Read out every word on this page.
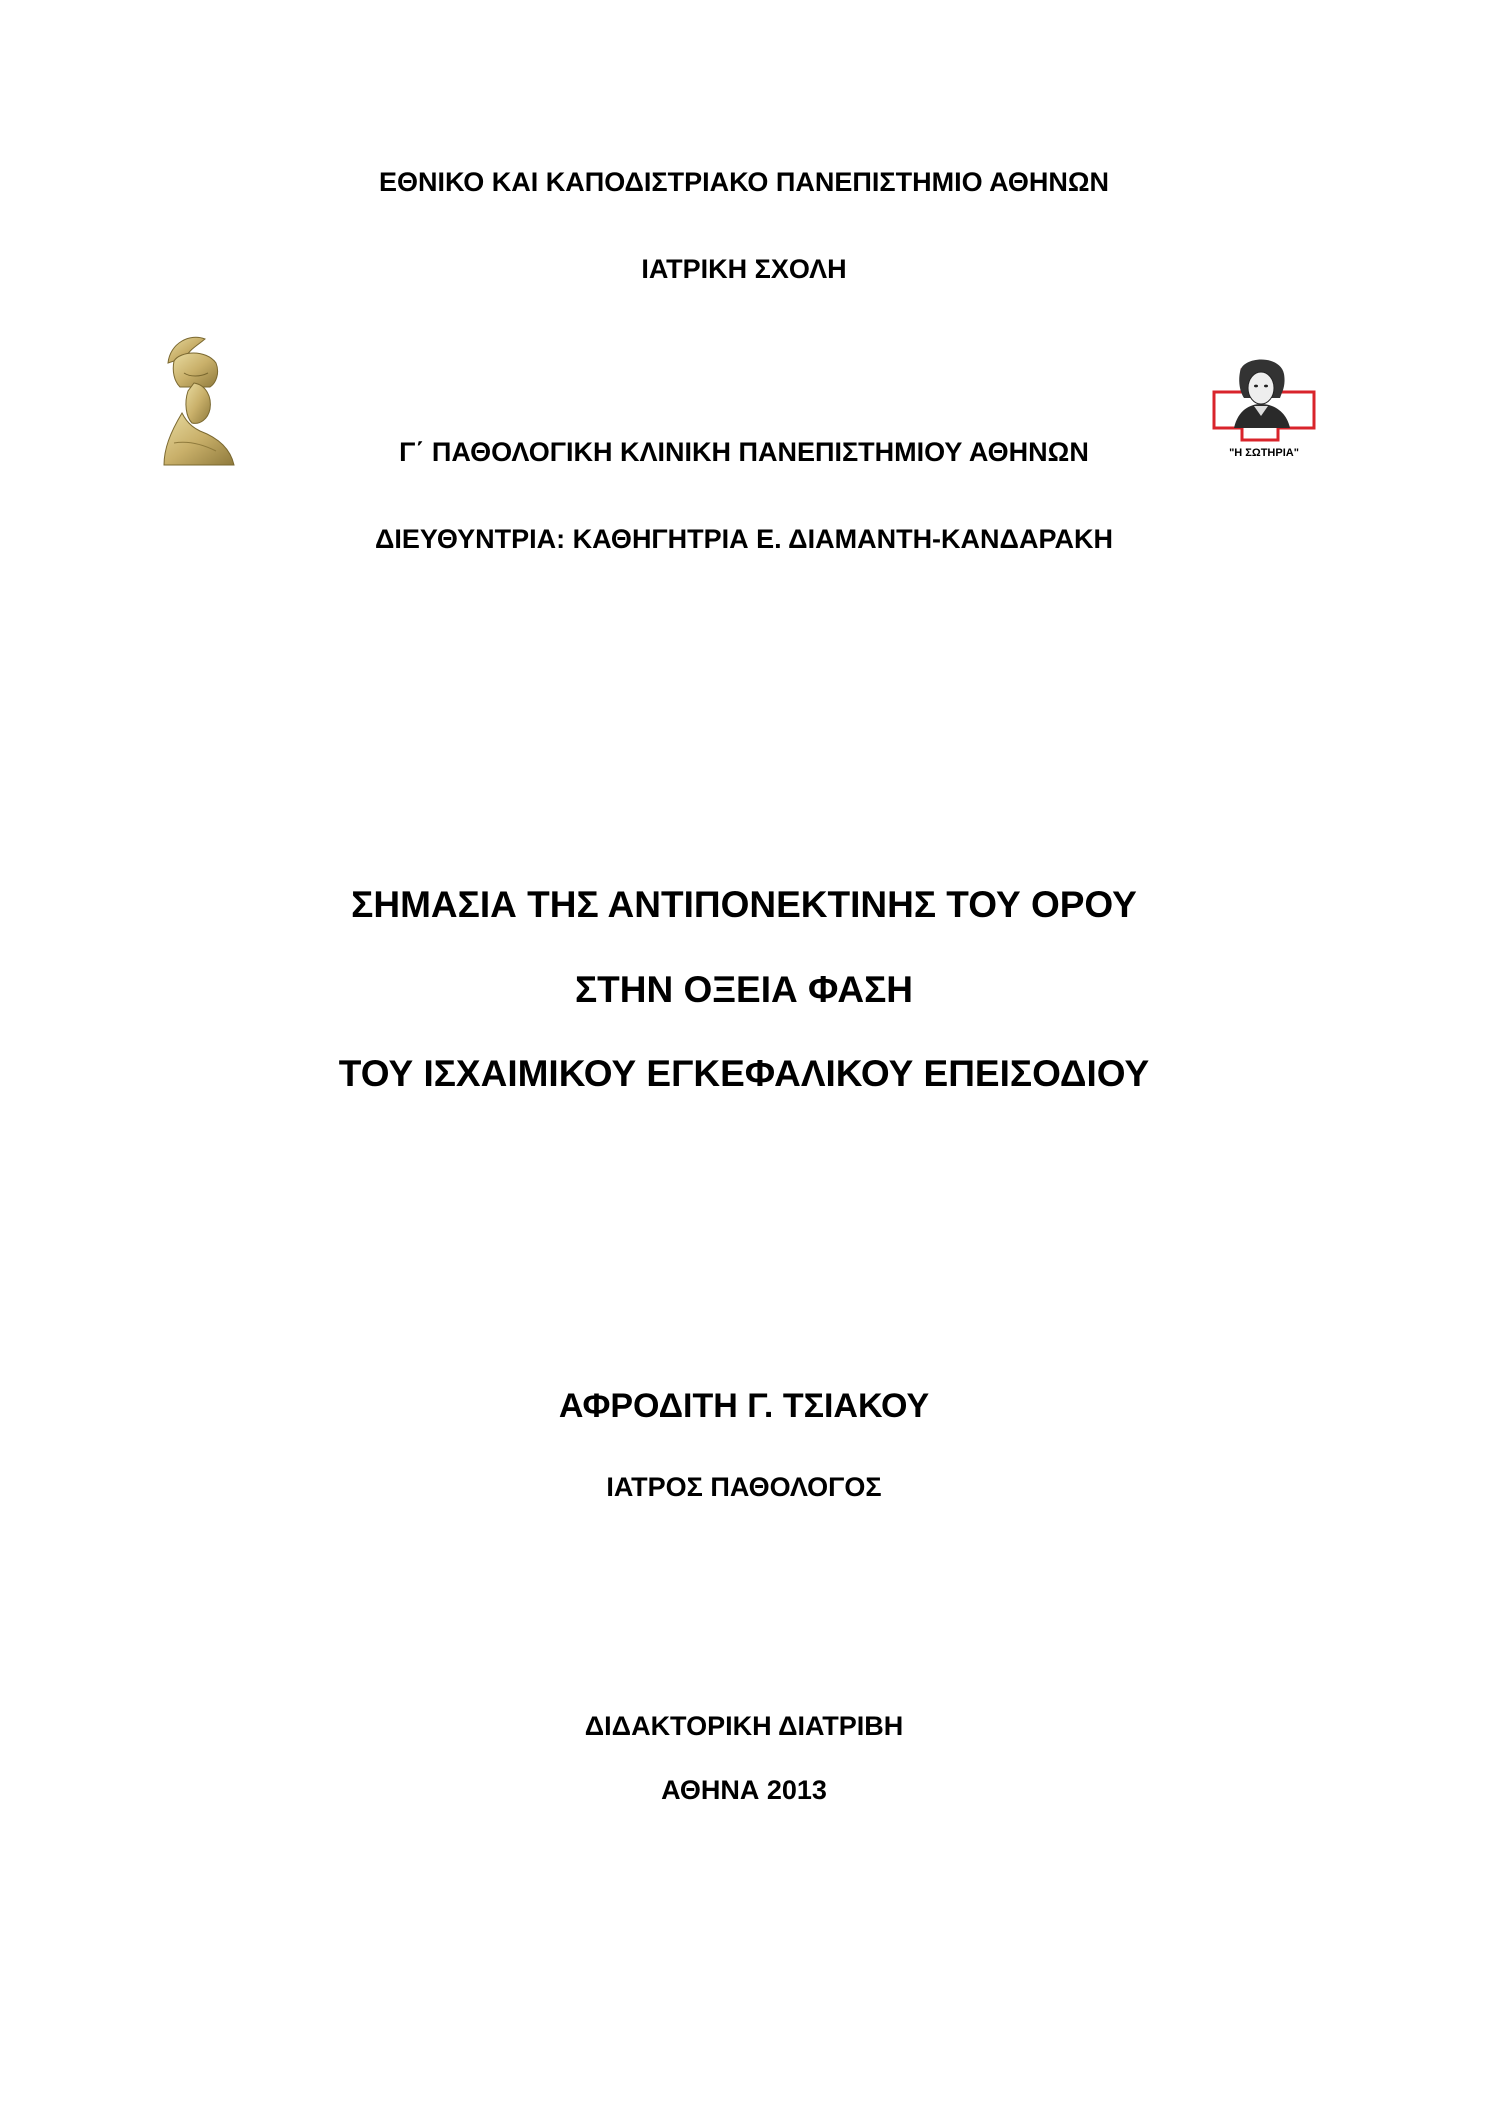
ΕΘΝΙΚΟ ΚΑΙ ΚΑΠΟΔΙΣΤΡΙΑΚΟ ΠΑΝΕΠΙΣΤΗΜΙΟ ΑΘΗΝΩΝ
ΙΑΤΡΙΚΗ ΣΧΟΛΗ
"Η ΣΩΤΗΡΙΑ"
Γ΄ ΠΑΘΟΛΟΓΙΚΗ ΚΛΙΝΙΚΗ ΠΑΝΕΠΙΣΤΗΜΙΟΥ ΑΘΗΝΩΝ
ΔΙΕΥΘΥΝΤΡΙΑ: ΚΑΘΗΓΗΤΡΙΑ Ε. ΔΙΑΜΑΝΤΗ-ΚΑΝΔΑΡΑΚΗ
ΣΗΜΑΣΙΑ ΤΗΣ ΑΝΤΙΠΟΝΕΚΤΙΝΗΣ ΤΟΥ ΟΡΟΥ
ΣΤΗΝ ΟΞΕΙΑ ΦΑΣΗ
ΤΟΥ ΙΣΧΑΙΜΙΚΟΥ ΕΓΚΕΦΑΛΙΚΟΥ ΕΠΕΙΣΟΔΙΟΥ
ΑΦΡΟΔΙΤΗ Γ. ΤΣΙΑΚΟΥ
ΙΑΤΡΟΣ ΠΑΘΟΛΟΓΟΣ
ΔΙΔΑΚΤΟΡΙΚΗ ΔΙΑΤΡΙΒΗ
ΑΘΗΝΑ 2013
